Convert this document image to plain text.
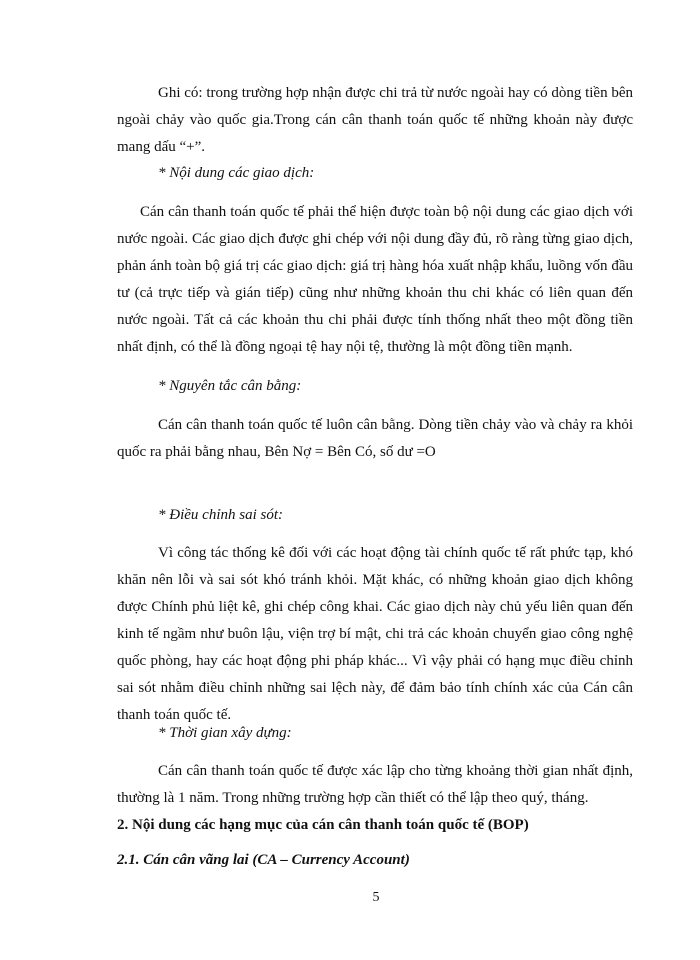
Ghi có: trong trường hợp nhận được chi trả từ nước ngoài hay có dòng tiền bên ngoài chảy vào quốc gia.Trong cán cân thanh toán quốc tế những khoản này được mang dấu “+”.

* Nội dung các giao dịch:

Cán cân thanh toán quốc tế phải thể hiện được toàn bộ nội dung các giao dịch với nước ngoài. Các giao dịch được ghi chép với nội dung đầy đủ, rõ ràng từng giao dịch, phản ánh toàn bộ giá trị các giao dịch: giá trị hàng hóa xuất nhập khẩu, luồng vốn đầu tư (cả trực tiếp và gián tiếp) cũng như những khoản thu chi khác có liên quan đến nước ngoài. Tất cả các khoản thu chi phải được tính thống nhất theo một đồng tiền nhất định, có thể là đồng ngoại tệ hay nội tệ, thường là một đồng tiền mạnh.

* Nguyên tắc cân bằng:

Cán cân thanh toán quốc tế luôn cân bằng. Dòng tiền chảy vào và chảy ra khỏi quốc ra phải bằng nhau, Bên Nợ = Bên Có, số dư =O

* Điều chỉnh sai sót:

Vì công tác thống kê đối với các hoạt động tài chính quốc tế rất phức tạp, khó khăn nên lỗi và sai sót khó tránh khỏi. Mặt khác, có những khoản giao dịch không được Chính phủ liệt kê, ghi chép công khai. Các giao dịch này chủ yếu liên quan đến kinh tế ngầm như buôn lậu, viện trợ bí mật, chi trả các khoản chuyển giao công nghệ quốc phòng, hay các hoạt động phi pháp khác... Vì vậy phải có hạng mục điều chỉnh sai sót nhằm điều chỉnh những sai lệch này, để đảm bảo tính chính xác của Cán cân thanh toán quốc tế.

* Thời gian xây dựng:

Cán cân thanh toán quốc tế được xác lập cho từng khoảng thời gian nhất định, thường là 1 năm. Trong những trường hợp cần thiết có thể lập theo quý, tháng.

2. Nội dung các hạng mục của cán cân thanh toán quốc tế (BOP)

2.1. Cán cân vãng lai (CA – Currency Account)

5
